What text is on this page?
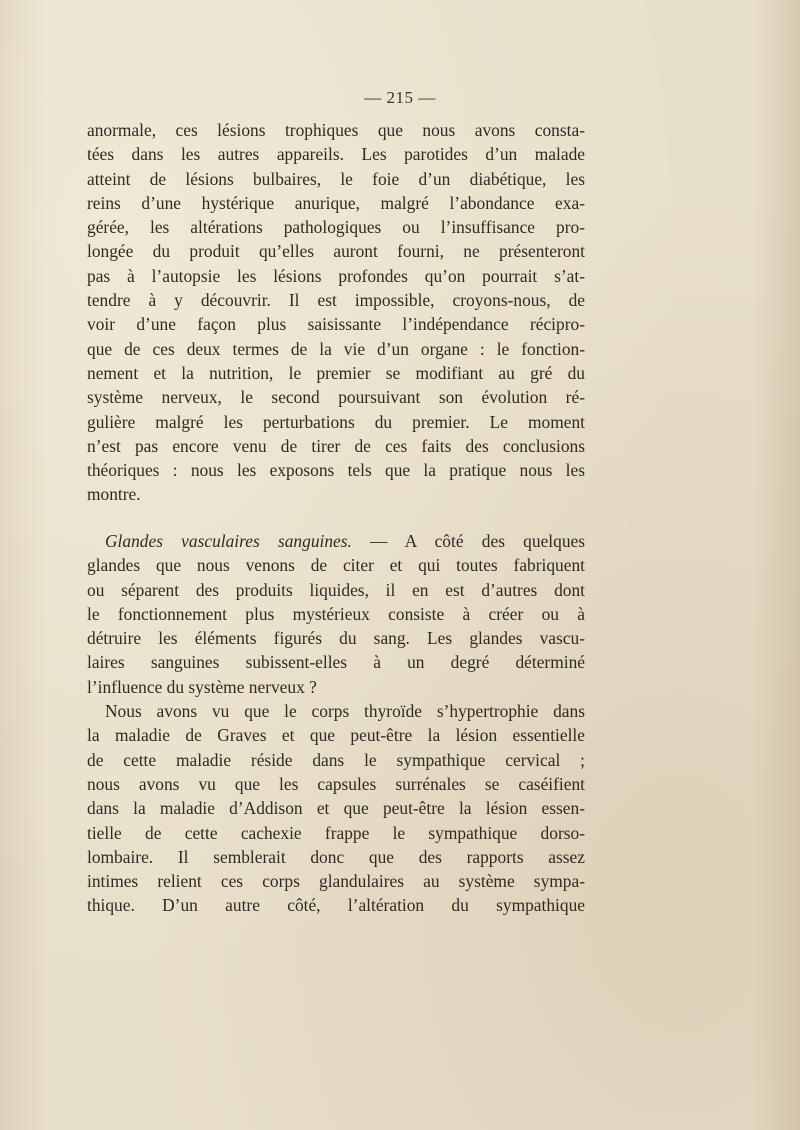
— 215 —
anormale, ces lésions trophiques que nous avons consta-
tées dans les autres appareils. Les parotides d’un malade
atteint de lésions bulbaires, le foie d’un diabétique, les
reins d’une hystérique anurique, malgré l’abondance exa-
gérée, les altérations pathologiques ou l’insuffisance pro-
longée du produit qu’elles auront fourni, ne présenteront
pas à l’autopsie les lésions profondes qu’on pourrait s’at-
tendre à y découvrir. Il est impossible, croyons-nous, de
voir d’une façon plus saisissante l’indépendance récipro-
que de ces deux termes de la vie d’un organe : le fonction-
nement et la nutrition, le premier se modifiant au gré du
système nerveux, le second poursuivant son évolution ré-
gulière malgré les perturbations du premier. Le moment
n’est pas encore venu de tirer de ces faits des conclusions
théoriques : nous les exposons tels que la pratique nous les
montre.
Glandes vasculaires sanguines. — A côté des quelques
glandes que nous venons de citer et qui toutes fabriquent
ou séparent des produits liquides, il en est d’autres dont
le fonctionnement plus mystérieux consiste à créer ou à
détruire les éléments figurés du sang. Les glandes vascu-
laires sanguines subissent-elles à un degré déterminé
l’influence du système nerveux ?
Nous avons vu que le corps thyroïde s’hypertrophie dans
la maladie de Graves et que peut-être la lésion essentielle
de cette maladie réside dans le sympathique cervical ;
nous avons vu que les capsules surrénales se caséifient
dans la maladie d’Addison et que peut-être la lésion essen-
tielle de cette cachexie frappe le sympathique dorso-
lombaire. Il semblerait donc que des rapports assez
intimes relient ces corps glandulaires au système sympa-
thique. D’un autre côté, l’altération du sympathique
